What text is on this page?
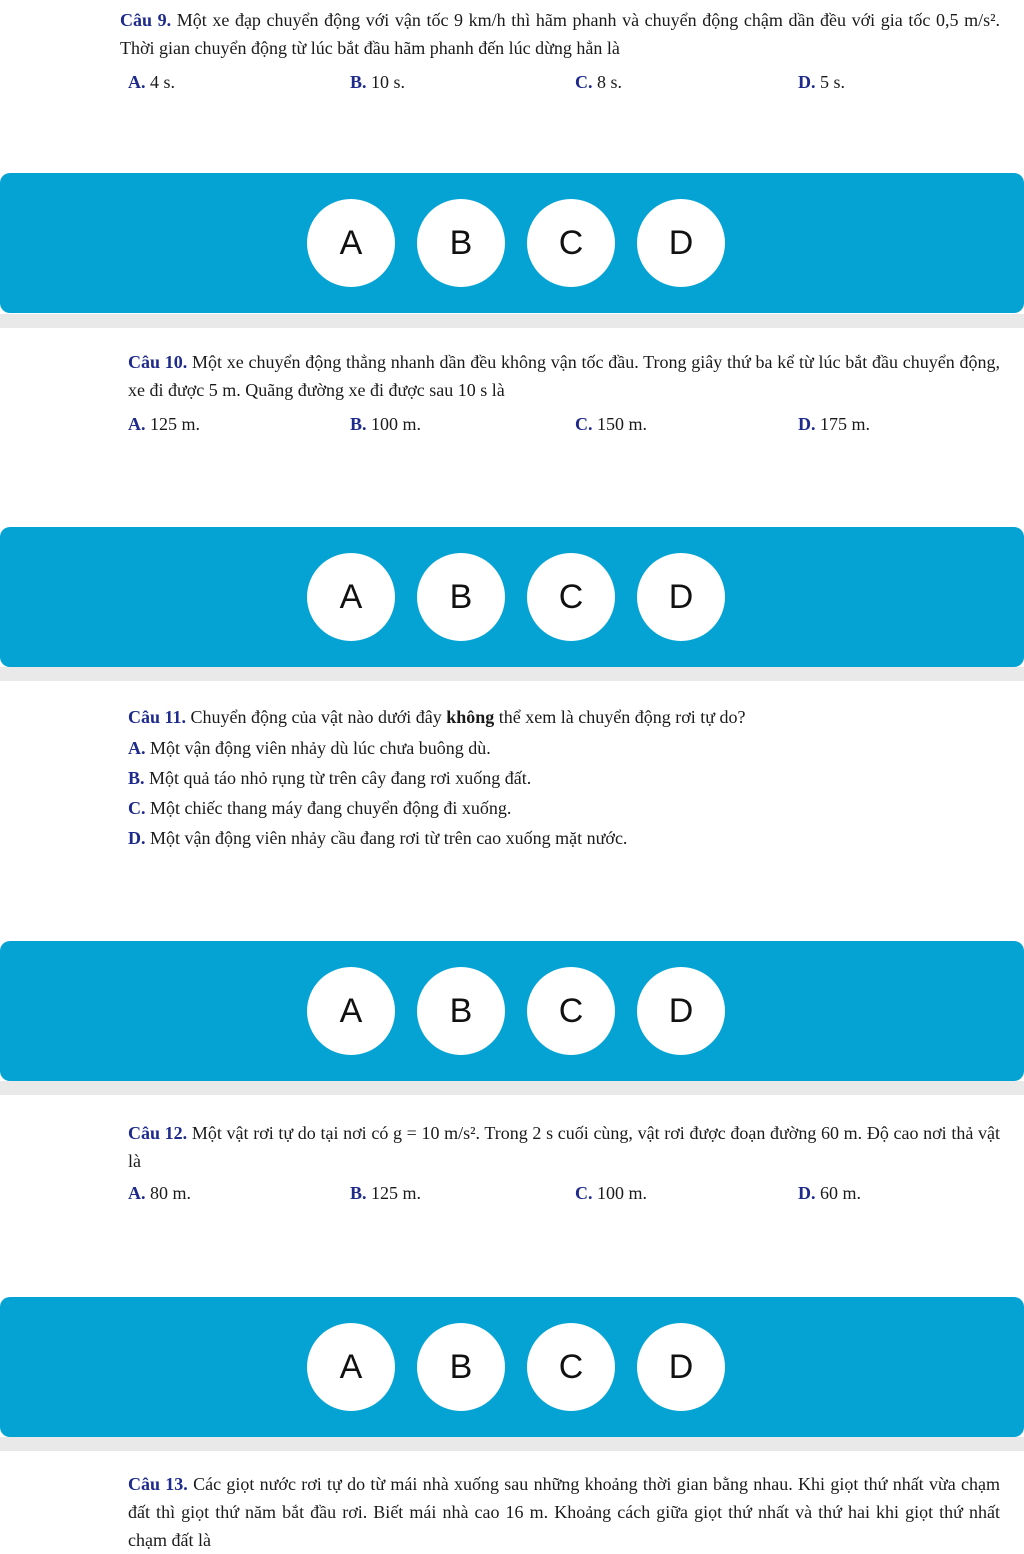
Câu 9. Một xe đạp chuyển động với vận tốc 9 km/h thì hãm phanh và chuyển động chậm dần đều với gia tốc 0,5 m/s². Thời gian chuyển động từ lúc bắt đầu hãm phanh đến lúc dừng hẳn là
A. 4 s.	B. 10 s.	C. 8 s.	D. 5 s.
A	B	C	D
Câu 10. Một xe chuyển động thẳng nhanh dần đều không vận tốc đầu. Trong giây thứ ba kể từ lúc bắt đầu chuyển động, xe đi được 5 m. Quãng đường xe đi được sau 10 s là
A. 125 m.	B. 100 m.	C. 150 m.	D. 175 m.
A	B	C	D
Câu 11. Chuyển động của vật nào dưới đây không thể xem là chuyển động rơi tự do?
A. Một vận động viên nhảy dù lúc chưa buông dù.
B. Một quả táo nhỏ rụng từ trên cây đang rơi xuống đất.
C. Một chiếc thang máy đang chuyển động đi xuống.
D. Một vận động viên nhảy cầu đang rơi từ trên cao xuống mặt nước.
A	B	C	D
Câu 12. Một vật rơi tự do tại nơi có g = 10 m/s². Trong 2 s cuối cùng, vật rơi được đoạn đường 60 m. Độ cao nơi thả vật là
A. 80 m.	B. 125 m.	C. 100 m.	D. 60 m.
A	B	C	D
Câu 13. Các giọt nước rơi tự do từ mái nhà xuống sau những khoảng thời gian bằng nhau. Khi giọt thứ nhất vừa chạm đất thì giọt thứ năm bắt đầu rơi. Biết mái nhà cao 16 m. Khoảng cách giữa giọt thứ nhất và thứ hai khi giọt thứ nhất chạm đất là
